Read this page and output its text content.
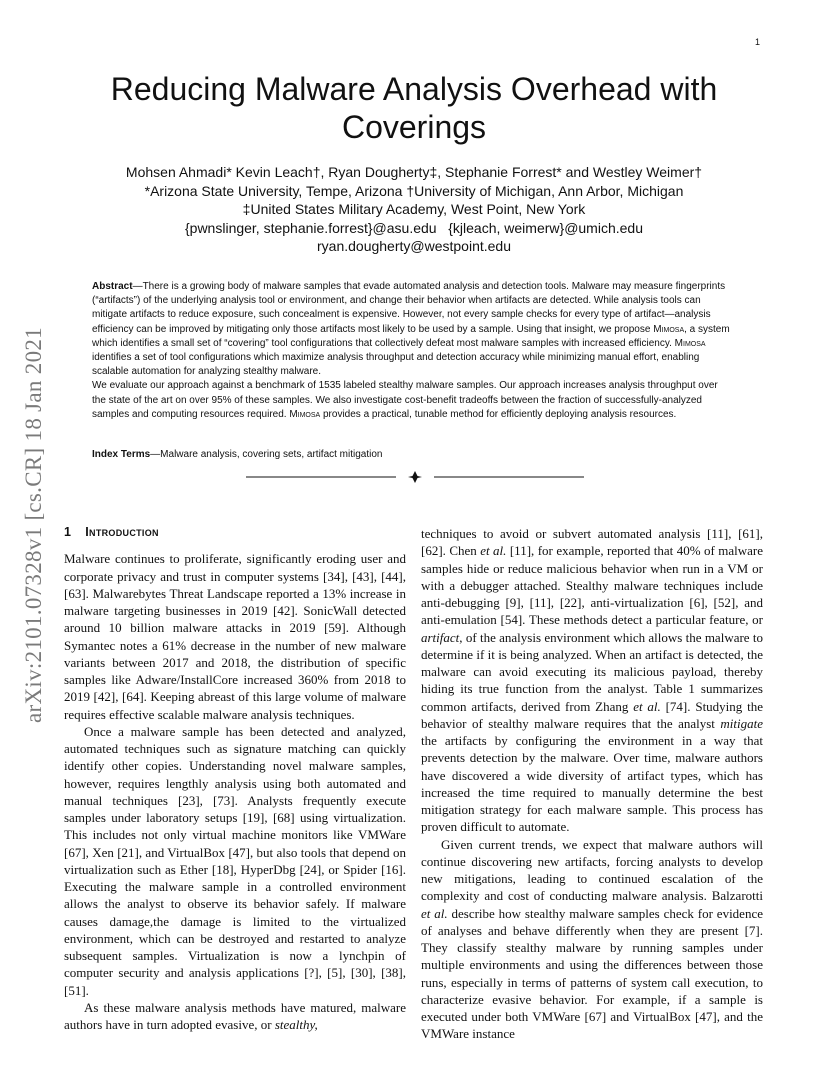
1
arXiv:2101.07328v1 [cs.CR] 18 Jan 2021
Reducing Malware Analysis Overhead with Coverings
Mohsen Ahmadi* Kevin Leach†, Ryan Dougherty‡, Stephanie Forrest* and Westley Weimer†
*Arizona State University, Tempe, Arizona †University of Michigan, Ann Arbor, Michigan
‡United States Military Academy, West Point, New York
{pwnslinger, stephanie.forrest}@asu.edu   {kjleach, weimerw}@umich.edu
ryan.dougherty@westpoint.edu

Abstract—There is a growing body of malware samples that evade automated analysis and detection tools. Malware may measure fingerprints (“artifacts”) of the underlying analysis tool or environment, and change their behavior when artifacts are detected. While analysis tools can mitigate artifacts to reduce exposure, such concealment is expensive. However, not every sample checks for every type of artifact—analysis efficiency can be improved by mitigating only those artifacts most likely to be used by a sample. Using that insight, we propose Mimosa, a system which identifies a small set of “covering” tool configurations that collectively defeat most malware samples with increased efficiency. Mimosa identifies a set of tool configurations which maximize analysis throughput and detection accuracy while minimizing manual effort, enabling scalable automation for analyzing stealthy malware.

We evaluate our approach against a benchmark of 1535 labeled stealthy malware samples. Our approach increases analysis throughput over the state of the art on over 95% of these samples. We also investigate cost-benefit tradeoffs between the fraction of successfully-analyzed samples and computing resources required. Mimosa provides a practical, tunable method for efficiently deploying analysis resources.

Index Terms—Malware analysis, covering sets, artifact mitigation
1 Introduction

Malware continues to proliferate, significantly eroding user and corporate privacy and trust in computer systems [34], [43], [44], [63]. Malwarebytes Threat Landscape reported a 13% increase in malware targeting businesses in 2019 [42]. SonicWall detected around 10 billion malware attacks in 2019 [59]. Although Symantec notes a 61% decrease in the number of new malware variants between 2017 and 2018, the distribution of specific samples like Adware/InstallCore increased 360% from 2018 to 2019 [42], [64]. Keeping abreast of this large volume of malware requires effective scalable malware analysis techniques.

Once a malware sample has been detected and analyzed, automated techniques such as signature matching can quickly identify other copies. Understanding novel malware samples, however, requires lengthly analysis using both automated and manual techniques [23], [73]. Analysts frequently execute samples under laboratory setups [19], [68] using virtualization. This includes not only virtual machine monitors like VMWare [67], Xen [21], and VirtualBox [47], but also tools that depend on virtualization such as Ether [18], HyperDbg [24], or Spider [16]. Executing the malware sample in a controlled environment allows the analyst to observe its behavior safely. If malware causes damage,the damage is limited to the virtualized environment, which can be destroyed and restarted to analyze subsequent samples. Virtualization is now a lynchpin of computer security and analysis applications [?], [5], [30], [38], [51].

As these malware analysis methods have matured, malware authors have in turn adopted evasive, or stealthy,

techniques to avoid or subvert automated analysis [11], [61], [62]. Chen et al. [11], for example, reported that 40% of malware samples hide or reduce malicious behavior when run in a VM or with a debugger attached. Stealthy malware techniques include anti-debugging [9], [11], [22], anti-virtualization [6], [52], and anti-emulation [54]. These methods detect a particular feature, or artifact, of the analysis environment which allows the malware to determine if it is being analyzed. When an artifact is detected, the malware can avoid executing its malicious payload, thereby hiding its true function from the analyst. Table 1 summarizes common artifacts, derived from Zhang et al. [74]. Studying the behavior of stealthy malware requires that the analyst mitigate the artifacts by configuring the environment in a way that prevents detection by the malware. Over time, malware authors have discovered a wide diversity of artifact types, which has increased the time required to manually determine the best mitigation strategy for each malware sample. This process has proven difficult to automate.

Given current trends, we expect that malware authors will continue discovering new artifacts, forcing analysts to develop new mitigations, leading to continued escalation of the complexity and cost of conducting malware analysis. Balzarotti et al. describe how stealthy malware samples check for evidence of analyses and behave differently when they are present [7]. They classify stealthy malware by running samples under multiple environments and using the differences between those runs, especially in terms of patterns of system call execution, to characterize evasive behavior. For example, if a sample is executed under both VMWare [67] and VirtualBox [47], and the VMWare instance
